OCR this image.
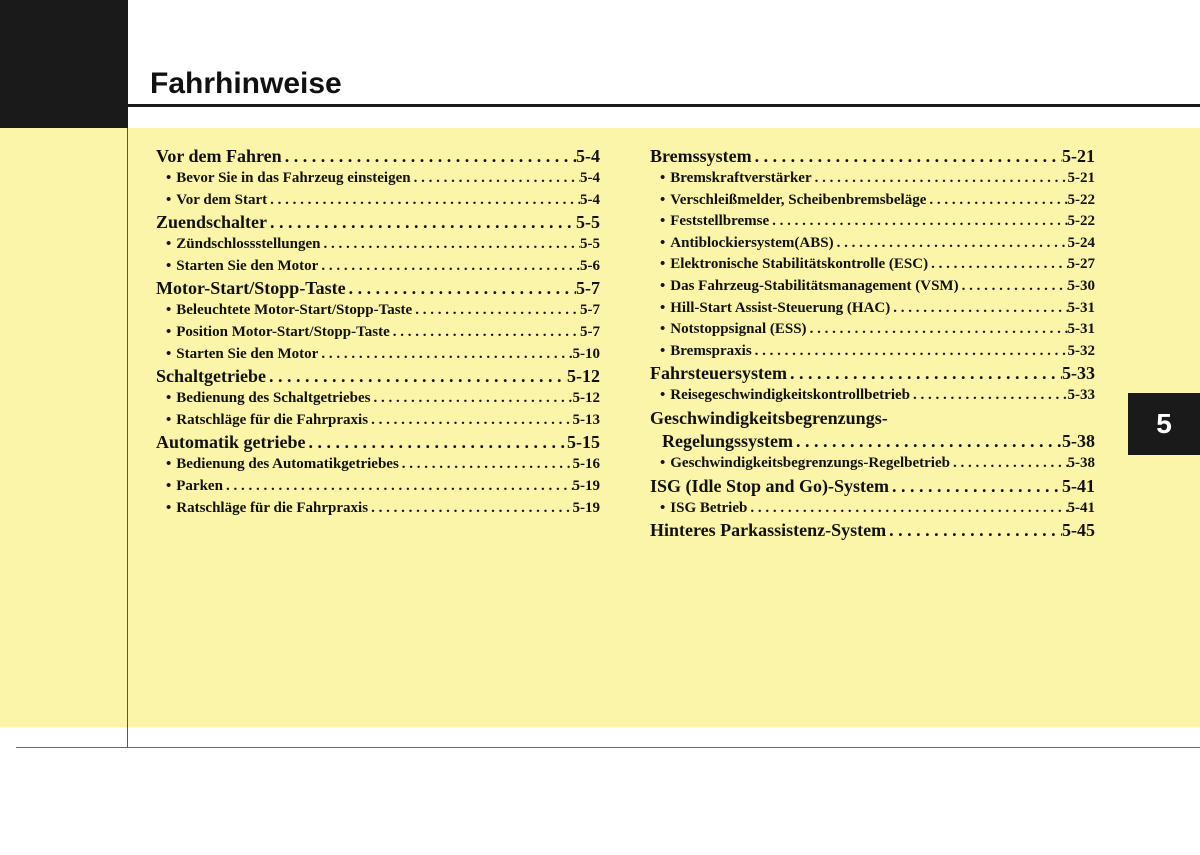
Fahrhinweise
Vor dem Fahren . . .	5-4
• Bevor Sie in das Fahrzeug einsteigen . . .	5-4
• Vor dem Start . . .	5-4
Zuendschalter . . .	5-5
• Zündschlossstellungen . . .	5-5
• Starten Sie den Motor . . .	5-6
Motor-Start/Stopp-Taste . . .	5-7
• Beleuchtete Motor-Start/Stopp-Taste . . .	5-7
• Position Motor-Start/Stopp-Taste . . .	5-7
• Starten Sie den Motor . . .	5-10
Schaltgetriebe . . .	5-12
• Bedienung des Schaltgetriebes . . .	5-12
• Ratschläge für die Fahrpraxis . . .	5-13
Automatik getriebe . . .	5-15
• Bedienung des Automatikgetriebes . . .	5-16
• Parken . . .	5-19
• Ratschläge für die Fahrpraxis . . .	5-19
Bremssystem . . .	5-21
• Bremskraftverstärker . . .	5-21
• Verschleißmelder, Scheibenbremsbeläge . . .	5-22
• Feststellbremse . . .	5-22
• Antiblockiersystem(ABS) . . .	5-24
• Elektronische Stabilitätskontrolle (ESC) . . .	5-27
• Das Fahrzeug-Stabilitätsmanagement (VSM) . . .	5-30
• Hill-Start Assist-Steuerung (HAC) . . .	5-31
• Notstoppsignal (ESS) . . .	5-31
• Bremspraxis . . .	5-32
Fahrsteuersystem . . .	5-33
• Reisegeschwindigkeitskontrollbetrieb . . .	5-33
Geschwindigkeitsbegrenzungs-
Regelungssystem . . .	5-38
• Geschwindigkeitsbegrenzungs-Regelbetrieb . . .	5-38
ISG (Idle Stop and Go)-System . . .	5-41
• ISG Betrieb . . .	5-41
Hinteres Parkassistenz-System . . .	5-45
5
